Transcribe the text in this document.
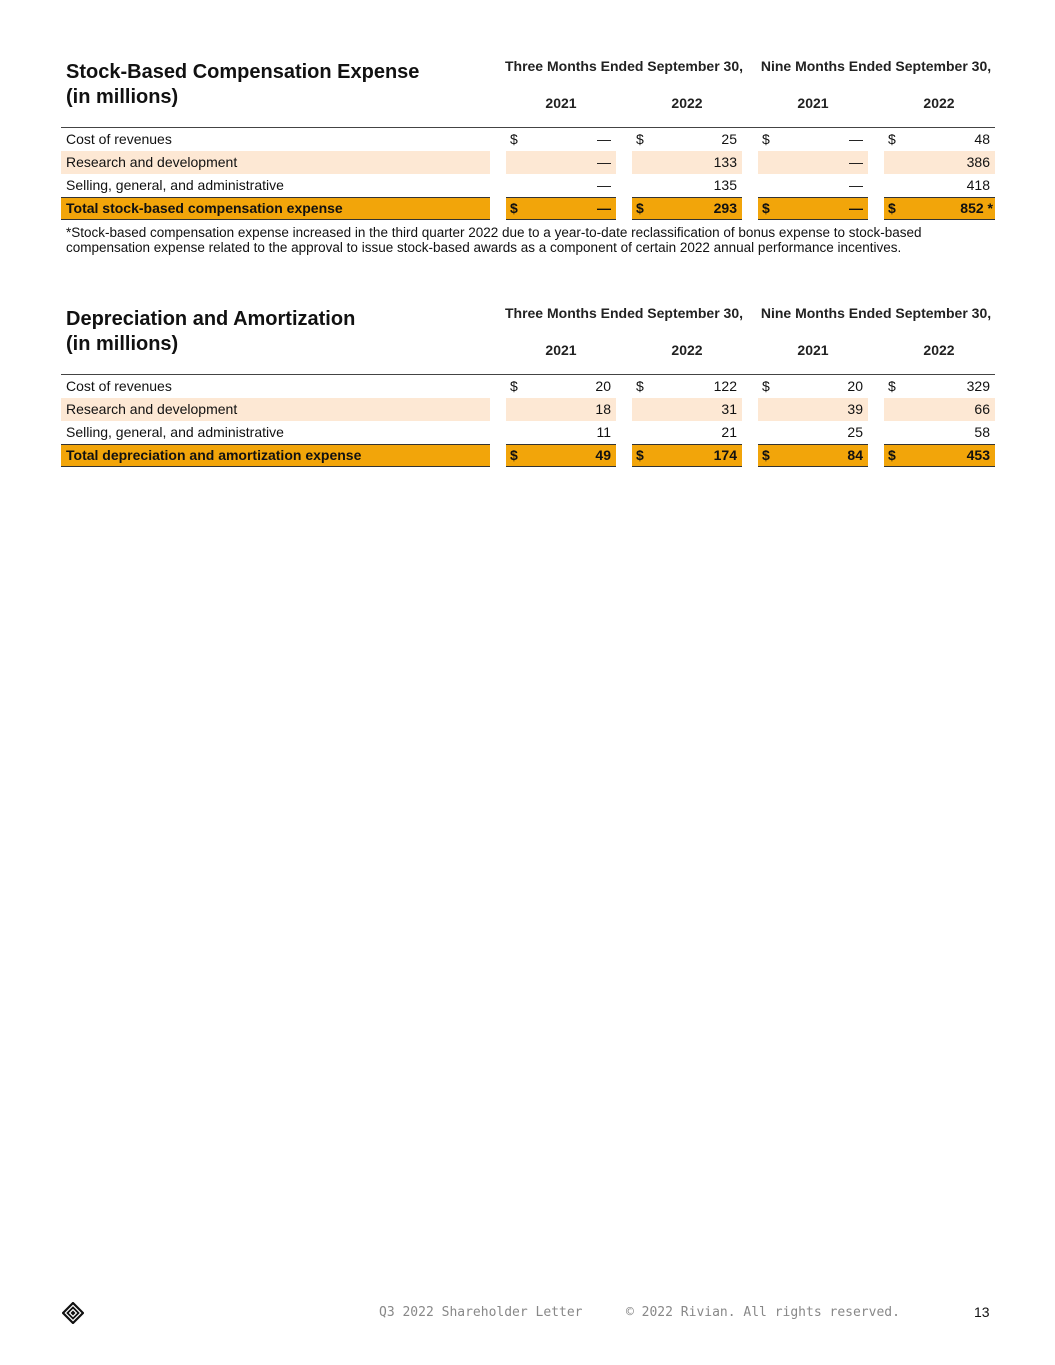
Stock-Based Compensation Expense
(in millions)
Three Months Ended September 30,	Nine Months Ended September 30,
2021	2022	2021	2022
Cost of revenues	$	— $	25 $	— $	48
Research and development	—	133	—	386
Selling, general, and administrative	—	135	—	418
Total stock-based compensation expense	$	— $	293 $	— $	852 *
*Stock-based compensation expense increased in the third quarter 2022 due to a year-to-date reclassification of bonus expense to stock-based compensation expense related to the approval to issue stock-based awards as a component of certain 2022 annual performance incentives.
Depreciation and Amortization
(in millions)
Three Months Ended September 30,	Nine Months Ended September 30,
2021	2022	2021	2022
Cost of revenues	$	20 $	122 $	20 $	329
Research and development	18	31	39	66
Selling, general, and administrative	11	21	25	58
Total depreciation and amortization expense	$	49 $	174 $	84 $	453
Q3 2022 Shareholder Letter	© 2022 Rivian. All rights reserved.	13
